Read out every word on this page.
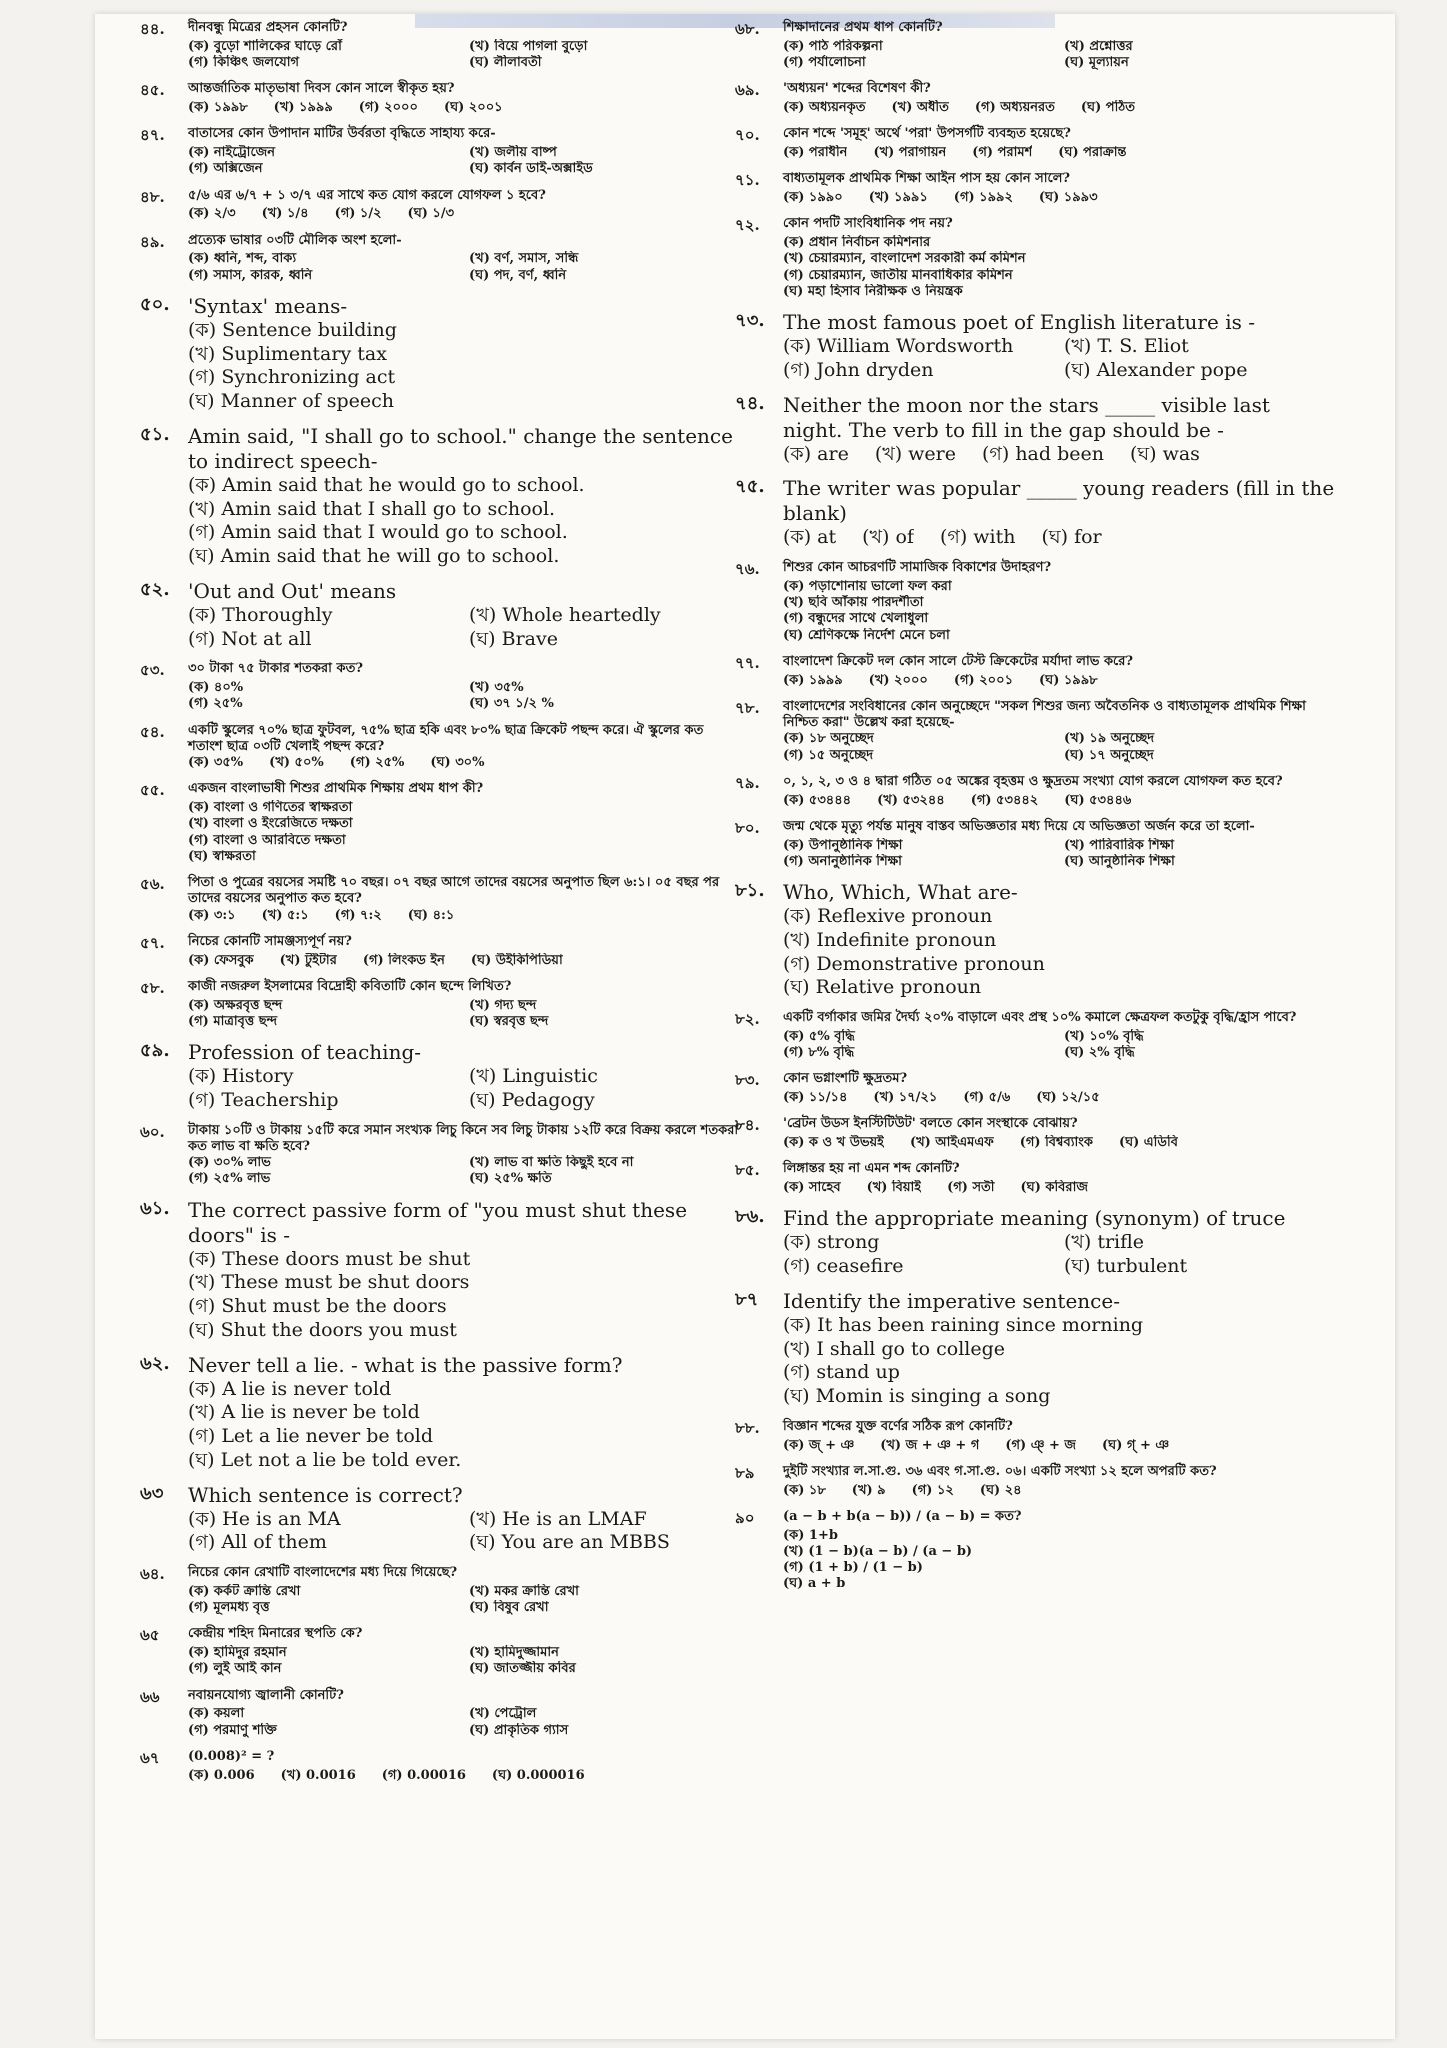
৪৪.	দীনবন্ধু মিত্রের প্রহসন কোনটি?
(ক) বুড়ো শালিকের ঘাড়ে রোঁ	(খ) বিয়ে পাগলা বুড়ো
(গ) কিঞ্চিৎ জলযোগ	(ঘ) লীলাবতী
৪৫.	আন্তর্জাতিক মাতৃভাষা দিবস কোন সালে স্বীকৃত হয়?
(ক) ১৯৯৮ (খ) ১৯৯৯ (গ) ২০০০ (ঘ) ২০০১
৪৭.	বাতাসের কোন উপাদান মাটির উর্বরতা বৃদ্ধিতে সাহায্য করে-
(ক) নাইট্রোজেন	(খ) জলীয় বাষ্প
(গ) অক্সিজেন	(ঘ) কার্বন ডাই-অক্সাইড
৪৮.	৫/৬ এর ৬/৭ + ১ ৩/৭ এর সাথে কত যোগ করলে যোগফল ১ হবে?
(ক) ২/৩ (খ) ১/৪ (গ) ১/২ (ঘ) ১/৩
৪৯.	প্রত্যেক ভাষার ০৩টি মৌলিক অংশ হলো-
(ক) ধ্বনি, শব্দ, বাক্য	(খ) বর্ণ, সমাস, সন্ধি
(গ) সমাস, কারক, ধ্বনি	(ঘ) পদ, বর্ণ, ধ্বনি
৫০. 'Syntax' means-
(ক) Sentence building
(খ) Suplimentary tax
(গ) Synchronizing act
(ঘ) Manner of speech
৫১. Amin said, "I shall go to school." change the sentence to indirect speech-
(ক) Amin said that he would go to school.
(খ) Amin said that I shall go to school.
(গ) Amin said that I would go to school.
(ঘ) Amin said that he will go to school.
৫২. 'Out and Out' means
(ক) Thoroughly	(খ) Whole heartedly
(গ) Not at all	(ঘ) Brave
৫৩.	৩০ টাকা ৭৫ টাকার শতকরা কত?
(ক) ৪০%	(খ) ৩৫%
(গ) ২৫%	(ঘ) ৩৭ ১/২ %
৫৪.	একটি স্কুলের ৭০% ছাত্র ফুটবল, ৭৫% ছাত্র হকি এবং ৮০% ছাত্র ক্রিকেট পছন্দ করে। ঐ স্কুলের কত শতাংশ ছাত্র ০৩টি খেলাই পছন্দ করে?
(ক) ৩৫% (খ) ৫০% (গ) ২৫% (ঘ) ৩০%
৫৫.	একজন বাংলাভাষী শিশুর প্রাথমিক শিক্ষায় প্রথম ধাপ কী?
(ক) বাংলা ও গণিতের স্বাক্ষরতা
(খ) বাংলা ও ইংরেজিতে দক্ষতা
(গ) বাংলা ও আরবিতে দক্ষতা
(ঘ) স্বাক্ষরতা
৫৬.	পিতা ও পুত্রের বয়সের সমষ্টি ৭০ বছর। ০৭ বছর আগে তাদের বয়সের অনুপাত ছিল ৬:১। ০৫ বছর পর তাদের বয়সের অনুপাত কত হবে?
(ক) ৩:১ (খ) ৫:১ (গ) ৭:২ (ঘ) ৪:১
৫৭.	নিচের কোনটি সামঞ্জস্যপূর্ণ নয়?
(ক) ফেসবুক (খ) টুইটার (গ) লিংকড ইন (ঘ) উইকিপিডিয়া
৫৮.	কাজী নজরুল ইসলামের বিদ্রোহী কবিতাটি কোন ছন্দে লিখিত?
(ক) অক্ষরবৃত্ত ছন্দ	(খ) গদ্য ছন্দ
(গ) মাত্রাবৃত্ত ছন্দ	(ঘ) স্বরবৃত্ত ছন্দ
৫৯. Profession of teaching-
(ক) History	(খ) Linguistic
(গ) Teachership	(ঘ) Pedagogy
৬০.	টাকায় ১০টি ও টাকায় ১৫টি করে সমান সংখ্যক লিচু কিনে সব লিচু টাকায় ১২টি করে বিক্রয় করলে শতকরা কত লাভ বা ক্ষতি হবে?
(ক) ৩০% লাভ	(খ) লাভ বা ক্ষতি কিছুই হবে না
(গ) ২৫% লাভ	(ঘ) ২৫% ক্ষতি
৬১. The correct passive form of "you must shut these doors" is -
(ক) These doors must be shut
(খ) These must be shut doors
(গ) Shut must be the doors
(ঘ) Shut the doors you must
৬২. Never tell a lie. - what is the passive form?
(ক) A lie is never told
(খ) A lie is never be told
(গ) Let a lie never be told
(ঘ) Let not a lie be told ever.
৬৩	Which sentence is correct?
(ক) He is an MA	(খ) He is an LMAF
(গ) All of them	(ঘ) You are an MBBS
৬৪.	নিচের কোন রেখাটি বাংলাদেশের মধ্য দিয়ে গিয়েছে?
(ক) কর্কট ক্রান্তি রেখা	(খ) মকর ক্রান্তি রেখা
(গ) মূলমধ্য বৃত্ত	(ঘ) বিষুব রেখা
৬৫	কেন্দ্রীয় শহিদ মিনারের স্থপতি কে?
(ক) হামিদুর রহমান	(খ) হামিদুজ্জামান
(গ) লুই আই কান	(ঘ) জাতজ্জীয় কবির
৬৬	নবায়নযোগ্য জ্বালানী কোনটি?
(ক) কয়লা	(খ) পেট্রোল
(গ) পরমাণু শক্তি	(ঘ) প্রাকৃতিক গ্যাস
৬৭	(0.008)² = ?
(ক) 0.006 (খ) 0.0016 (গ) 0.00016 (ঘ) 0.000016
৬৮.	শিক্ষাদানের প্রথম ধাপ কোনটি?
(ক) পাঠ পরিকল্পনা	(খ) প্রশ্নোত্তর
(গ) পর্যালোচনা	(ঘ) মূল্যায়ন
৬৯.	'অধ্যয়ন' শব্দের বিশেষণ কী?
(ক) অধ্যয়নকৃত (খ) অধীত (গ) অধ্যয়নরত (ঘ) পঠিত
৭০.	কোন শব্দে 'সমূহ' অর্থে 'পরা' উপসর্গটি ব্যবহৃত হয়েছে?
(ক) পরাধীন (খ) পরাগায়ন (গ) পরামর্শ (ঘ) পরাক্রান্ত
৭১.	বাধ্যতামূলক প্রাথমিক শিক্ষা আইন পাস হয় কোন সালে?
(ক) ১৯৯০ (খ) ১৯৯১ (গ) ১৯৯২ (ঘ) ১৯৯৩
৭২.	কোন পদটি সাংবিধানিক পদ নয়?
(ক) প্রধান নির্বাচন কমিশনার
(খ) চেয়ারম্যান, বাংলাদেশ সরকারী কর্ম কমিশন
(গ) চেয়ারম্যান, জাতীয় মানবাধিকার কমিশন
(ঘ) মহা হিসাব নিরীক্ষক ও নিয়ন্ত্রক
৭৩. The most famous poet of English literature is -
(ক) William Wordsworth	(খ) T. S. Eliot
(গ) John dryden	(ঘ) Alexander pope
৭৪. Neither the moon nor the stars _____ visible last night. The verb to fill in the gap should be -
(ক) are (খ) were (গ) had been (ঘ) was
৭৫. The writer was popular _____ young readers (fill in the blank)
(ক) at (খ) of (গ) with (ঘ) for
৭৬.	শিশুর কোন আচরণটি সামাজিক বিকাশের উদাহরণ?
(ক) পড়াশোনায় ভালো ফল করা
(খ) ছবি আঁকায় পারদর্শীতা
(গ) বন্ধুদের সাথে খেলাধুলা
(ঘ) শ্রেণিকক্ষে নির্দেশ মেনে চলা
৭৭.	বাংলাদেশ ক্রিকেট দল কোন সালে টেস্ট ক্রিকেটের মর্যাদা লাভ করে?
(ক) ১৯৯৯ (খ) ২০০০ (গ) ২০০১ (ঘ) ১৯৯৮
৭৮.	বাংলাদেশের সংবিধানের কোন অনুচ্ছেদে "সকল শিশুর জন্য অবৈতনিক ও বাধ্যতামূলক প্রাথমিক শিক্ষা নিশ্চিত করা" উল্লেখ করা হয়েছে-
(ক) ১৮ অনুচ্ছেদ	(খ) ১৯ অনুচ্ছেদ
(গ) ১৫ অনুচ্ছেদ	(ঘ) ১৭ অনুচ্ছেদ
৭৯.	০, ১, ২, ৩ ও ৪ দ্বারা গঠিত ০৫ অঙ্কের বৃহত্তম ও ক্ষুদ্রতম সংখ্যা যোগ করলে যোগফল কত হবে?
(ক) ৫৩৪৪৪ (খ) ৫৩২৪৪ (গ) ৫৩৪৪২ (ঘ) ৫৩৪৪৬
৮০.	জন্ম থেকে মৃত্যু পর্যন্ত মানুষ বাস্তব অভিজ্ঞতার মধ্য দিয়ে যে অভিজ্ঞতা অর্জন করে তা হলো-
(ক) উপানুষ্ঠানিক শিক্ষা	(খ) পারিবারিক শিক্ষা
(গ) অনানুষ্ঠানিক শিক্ষা	(ঘ) আনুষ্ঠানিক শিক্ষা
৮১. Who, Which, What are-
(ক) Reflexive pronoun
(খ) Indefinite pronoun
(গ) Demonstrative pronoun
(ঘ) Relative pronoun
৮২.	একটি বর্গাকার জমির দৈর্ঘ্য ২০% বাড়ালে এবং প্রস্থ ১০% কমালে ক্ষেত্রফল কতটুকু বৃদ্ধি/হ্রাস পাবে?
(ক) ৫% বৃদ্ধি	(খ) ১০% বৃদ্ধি
(গ) ৮% বৃদ্ধি	(ঘ) ২% বৃদ্ধি
৮৩.	কোন ভগ্নাংশটি ক্ষুদ্রতম?
(ক) ১১/১৪ (খ) ১৭/২১ (গ) ৫/৬ (ঘ) ১২/১৫
৮৪.	'ব্রেটন উডস ইনস্টিটিউট' বলতে কোন সংস্থাকে বোঝায়?
(ক) ক ও খ উভয়ই (খ) আইএমএফ (গ) বিশ্বব্যাংক (ঘ) এডিবি
৮৫.	লিঙ্গান্তর হয় না এমন শব্দ কোনটি?
(ক) সাহেব (খ) বিয়াই (গ) সতী (ঘ) কবিরাজ
৮৬. Find the appropriate meaning (synonym) of truce
(ক) strong	(খ) trifle
(গ) ceasefire	(ঘ) turbulent
৮৭	Identify the imperative sentence-
(ক) It has been raining since morning
(খ) I shall go to college
(গ) stand up
(ঘ) Momin is singing a song
৮৮.	বিজ্ঞান শব্দের যুক্ত বর্ণের সঠিক রূপ কোনটি?
(ক) জ্ + ঞ (খ) জ + ঞ + গ (গ) ঞ্ + জ (ঘ) গ্ + ঞ
৮৯	দুইটি সংখ্যার ল.সা.গু. ৩৬ এবং গ.সা.গু. ০৬। একটি সংখ্যা ১২ হলে অপরটি কত?
(ক) ১৮ (খ) ৯ (গ) ১২ (ঘ) ২৪
৯০	(a − b + b(a − b)) / (a − b) = কত?
(ক) 1+b
(খ) (1 − b)(a − b) / (a − b)
(গ) (1 + b) / (1 − b)
(ঘ) a + b
